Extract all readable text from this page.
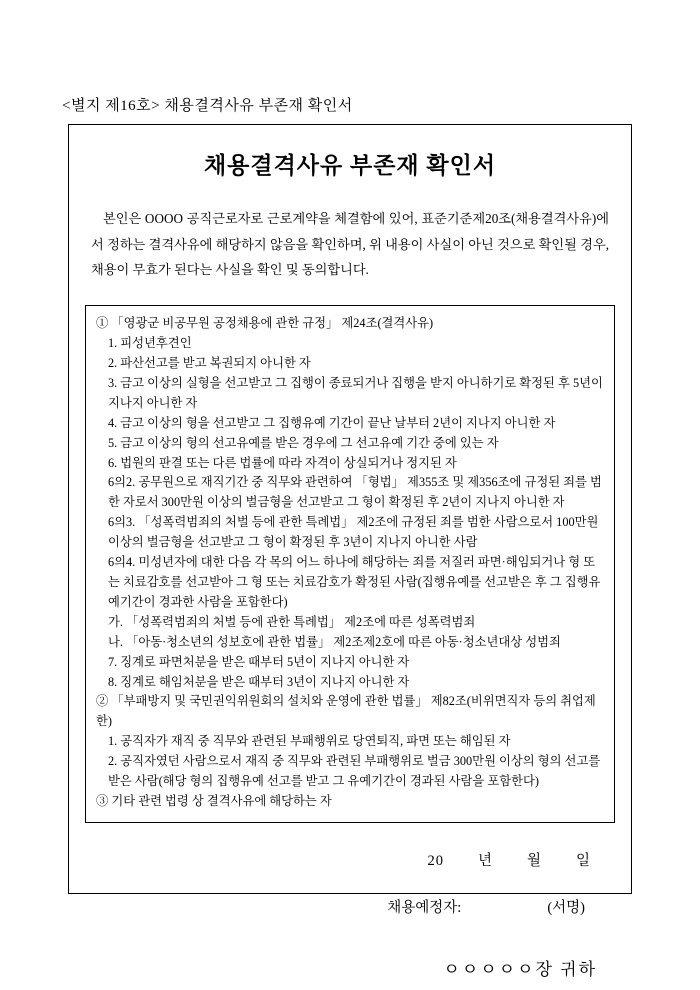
<별지 제16호> 채용결격사유 부존재 확인서
채용결격사유 부존재 확인서
본인은 OOOO 공직근로자로 근로계약을 체결함에 있어, 표준기준제20조(채용결격사유)에서 정하는 결격사유에 해당하지 않음을 확인하며, 위 내용이 사실이 아닌 것으로 확인될 경우, 채용이 무효가 된다는 사실을 확인 및 동의합니다.
① 「영광군 비공무원 공정채용에 관한 규정」 제24조(결격사유)
1. 피성년후견인
2. 파산선고를 받고 복권되지 아니한 자
3. 금고 이상의 실형을 선고받고 그 집행이 종료되거나 집행을 받지 아니하기로 확정된 후 5년이 지나지 아니한 자
4. 금고 이상의 형을 선고받고 그 집행유예 기간이 끝난 날부터 2년이 지나지 아니한 자
5. 금고 이상의 형의 선고유예를 받은 경우에 그 선고유예 기간 중에 있는 자
6. 법원의 판결 또는 다른 법률에 따라 자격이 상실되거나 정지된 자
6의2. 공무원으로 재직기간 중 직무와 관련하여 「형법」 제355조 및 제356조에 규정된 죄를 범한 자로서 300만원 이상의 벌금형을 선고받고 그 형이 확정된 후 2년이 지나지 아니한 자
6의3. 「성폭력범죄의 처벌 등에 관한 특례법」 제2조에 규정된 죄를 범한 사람으로서 100만원 이상의 벌금형을 선고받고 그 형이 확정된 후 3년이 지나지 아니한 사람
6의4. 미성년자에 대한 다음 각 목의 어느 하나에 해당하는 죄를 저질러 파면·해임되거나 형 또는 치료감호를 선고받아 그 형 또는 치료감호가 확정된 사람(집행유예를 선고받은 후 그 집행유예기간이 경과한 사람을 포함한다)
가. 「성폭력범죄의 처벌 등에 관한 특례법」 제2조에 따른 성폭력범죄
나. 「아동·청소년의 성보호에 관한 법률」 제2조제2호에 따른 아동·청소년대상 성범죄
7. 징계로 파면처분을 받은 때부터 5년이 지나지 아니한 자
8. 징계로 해임처분을 받은 때부터 3년이 지나지 아니한 자
② 「부패방지 및 국민권익위원회의 설치와 운영에 관한 법률」 제82조(비위면직자 등의 취업제한)
1. 공직자가 재직 중 직무와 관련된 부패행위로 당연퇴직, 파면 또는 해임된 자
2. 공직자였던 사람으로서 재직 중 직무와 관련된 부패행위로 벌금 300만원 이상의 형의 선고를 받은 사람(해당 형의 집행유예 선고를 받고 그 유예기간이 경과된 사람을 포함한다)
③ 기타 관련 법령 상 결격사유에 해당하는 자
20 년 월 일
채용예정자:	(서명)
ㅇㅇㅇㅇㅇ장 귀하
